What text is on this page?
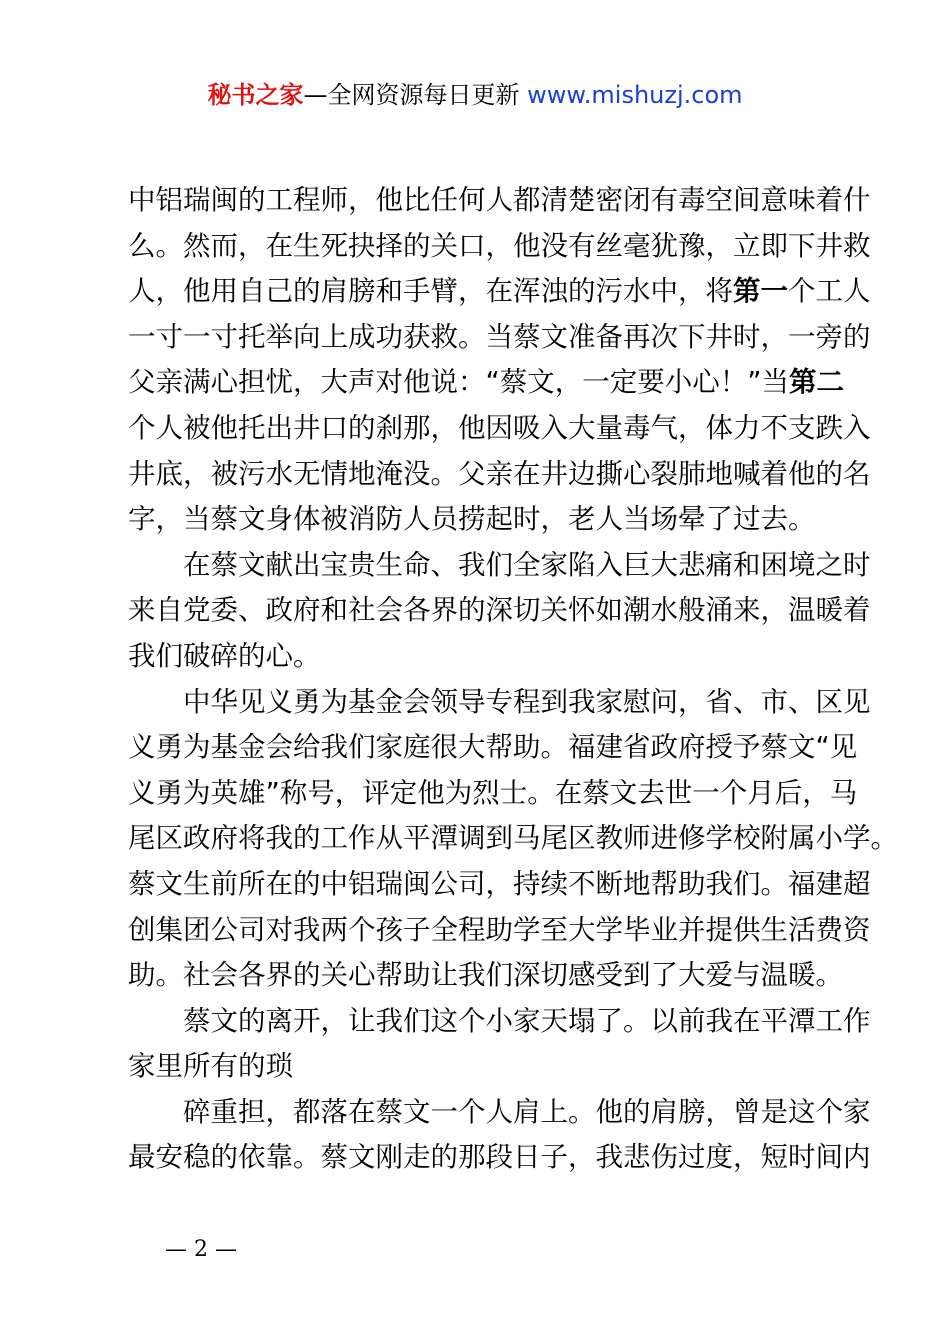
秘书之家—全网资源每日更新 www.mishuzj.com
中铝瑞闽的工程师，他比任何人都清楚密闭有毒空间意味着什
么。然而，在生死抉择的关口，他没有丝毫犹豫，立即下井救
人，他用自己的肩膀和手臂，在浑浊的污水中，将第一个工人
一寸一寸托举向上成功获救。当蔡文准备再次下井时，一旁的
父亲满心担忧，大声对他说：“蔡文，一定要小心！”当第二
个人被他托出井口的刹那，他因吸入大量毒气，体力不支跌入
井底，被污水无情地淹没。父亲在井边撕心裂肺地喊着他的名
字，当蔡文身体被消防人员捞起时，老人当场晕了过去。
在蔡文献出宝贵生命、我们全家陷入巨大悲痛和困境之时
来自党委、政府和社会各界的深切关怀如潮水般涌来，温暖着
我们破碎的心。
中华见义勇为基金会领导专程到我家慰问，省、市、区见
义勇为基金会给我们家庭很大帮助。福建省政府授予蔡文“见
义勇为英雄”称号，评定他为烈士。在蔡文去世一个月后，马
尾区政府将我的工作从平潭调到马尾区教师进修学校附属小学。
蔡文生前所在的中铝瑞闽公司，持续不断地帮助我们。福建超
创集团公司对我两个孩子全程助学至大学毕业并提供生活费资
助。社会各界的关心帮助让我们深切感受到了大爱与温暖。
蔡文的离开，让我们这个小家天塌了。以前我在平潭工作
家里所有的琐
碎重担，都落在蔡文一个人肩上。他的肩膀，曾是这个家
最安稳的依靠。蔡文刚走的那段日子，我悲伤过度，短时间内
— 2 —
